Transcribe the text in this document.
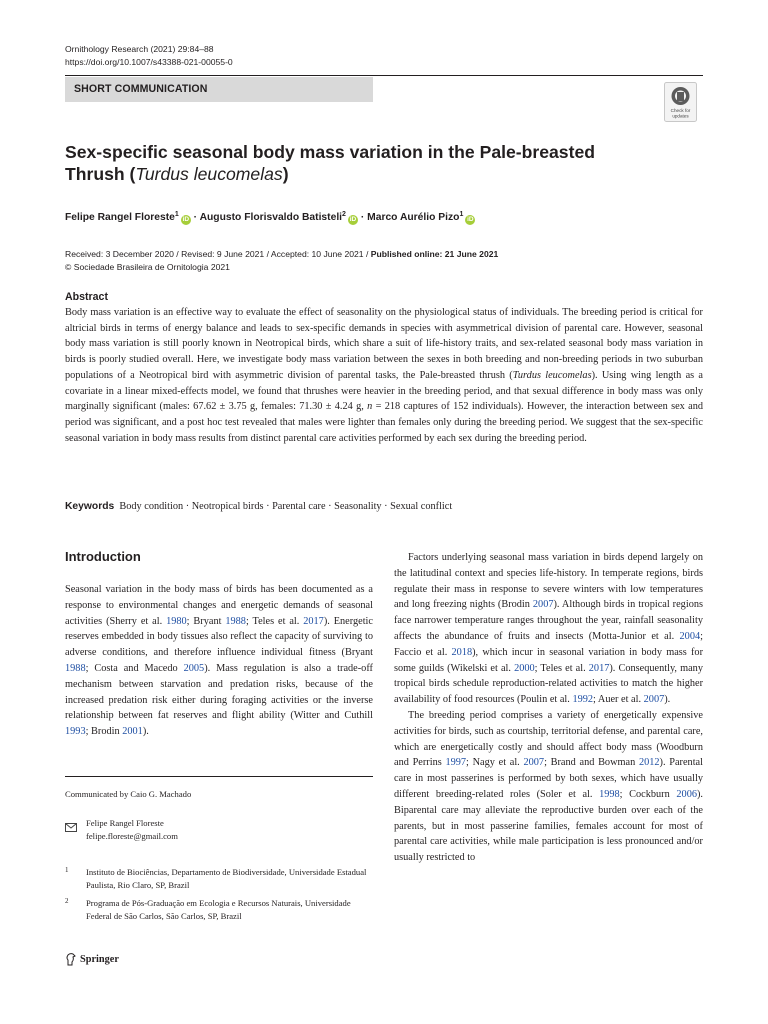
Ornithology Research (2021) 29:84–88
https://doi.org/10.1007/s43388-021-00055-0
SHORT COMMUNICATION
Check for
updates
Sex-specific seasonal body mass variation in the Pale-breasted Thrush (Turdus leucomelas)
Felipe Rangel Floreste$^1$iD · Augusto Florisvaldo Batisteli$^2$iD · Marco Aurélio Pizo$^1$iD
Received: 3 December 2020 / Revised: 9 June 2021 / Accepted: 10 June 2021 / Published online: 21 June 2021
© Sociedade Brasileira de Ornitologia 2021
Abstract
Body mass variation is an effective way to evaluate the effect of seasonality on the physiological status of individuals. The breeding period is critical for altricial birds in terms of energy balance and leads to sex-specific demands in species with asymmetrical division of parental care. However, seasonal body mass variation is still poorly known in Neotropical birds, which share a suit of life-history traits, and sex-related seasonal body mass variation in birds is poorly studied overall. Here, we investigate body mass variation between the sexes in both breeding and non-breeding periods in two suburban populations of a Neotropical bird with asymmetric division of parental tasks, the Pale-breasted thrush (Turdus leucomelas). Using wing length as a covariate in a linear mixed-effects model, we found that thrushes were heavier in the breeding period, and that sexual difference in body mass was only marginally significant (males: 67.62 ± 3.75 g, females: 71.30 ± 4.24 g, n = 218 captures of 152 individuals). However, the interaction between sex and period was significant, and a post hoc test revealed that males were lighter than females only during the breeding period. We suggest that the sex-specific seasonal variation in body mass results from distinct parental care activities performed by each sex during the breeding period.
Keywords Body condition · Neotropical birds · Parental care · Seasonality · Sexual conflict
Introduction

Seasonal variation in the body mass of birds has been documented as a response to environmental changes and energetic demands of seasonal activities (Sherry et al. 1980; Bryant 1988; Teles et al. 2017). Energetic reserves embedded in body tissues also reflect the capacity of surviving to adverse conditions, and therefore influence individual fitness (Bryant 1988; Costa and Macedo 2005). Mass regulation is also a trade-off mechanism between starvation and predation risks, because of the increased predation risk either during foraging activities or the inverse relationship between fat reserves and flight ability (Witter and Cuthill 1993; Brodin 2001).

Factors underlying seasonal mass variation in birds depend largely on the latitudinal context and species life-history. In temperate regions, birds regulate their mass in response to severe winters with low temperatures and long freezing nights (Brodin 2007). Although birds in tropical regions face narrower temperature ranges throughout the year, rainfall seasonality affects the abundance of fruits and insects (Motta-Junior et al. 2004; Faccio et al. 2018), which incur in seasonal variation in body mass for some guilds (Wikelski et al. 2000; Teles et al. 2017). Consequently, many tropical birds schedule reproduction-related activities to match the higher availability of food resources (Poulin et al. 1992; Auer et al. 2007).

The breeding period comprises a variety of energetically expensive activities for birds, such as courtship, territorial defense, and parental care, which are energetically costly and should affect body mass (Woodburn and Perrins 1997; Nagy et al. 2007; Brand and Bowman 2012). Parental care in most passerines is performed by both sexes, which have usually different breeding-related roles (Soler et al. 1998; Cockburn 2006). Biparental care may alleviate the reproductive burden over each of the parents, but in most passerine families, females account for most of parental care activities, while male participation is less pronounced and/or usually restricted to

Communicated by Caio G. Machado
Felipe Rangel Floreste
felipe.floreste@gmail.com
1 Instituto de Biociências, Departamento de Biodiversidade, Universidade Estadual Paulista, Rio Claro, SP, Brazil
2 Programa de Pós-Graduação em Ecologia e Recursos Naturais, Universidade Federal de São Carlos, São Carlos, SP, Brazil
Springer
